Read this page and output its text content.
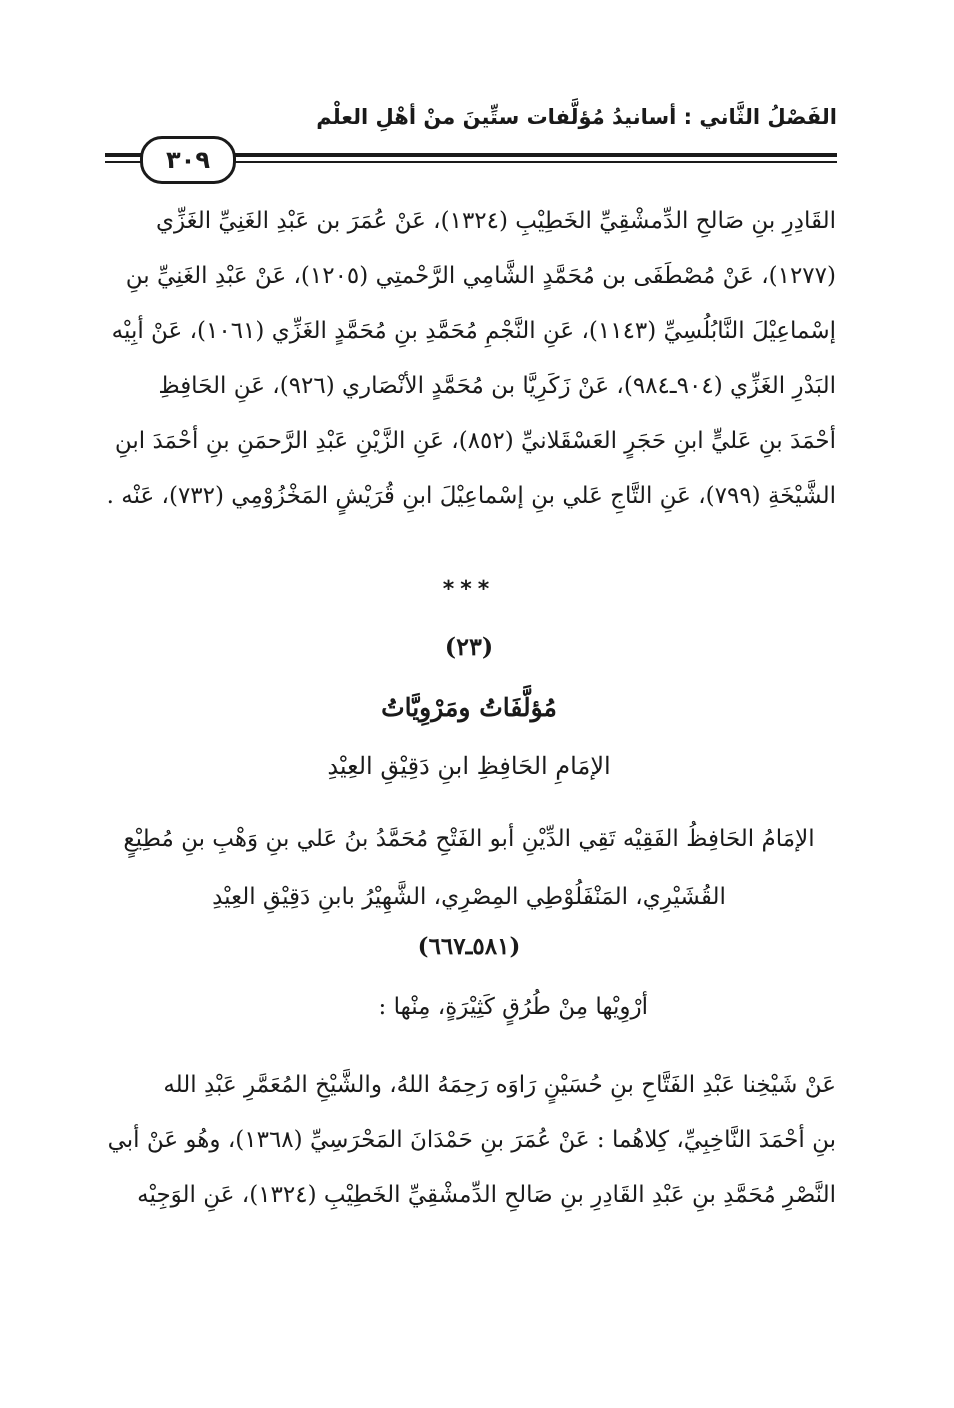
الفَصْلُ الثَّاني : أسانيدُ مُؤلَّفات ستِّينَ منْ أهْلِ العلْم
٣٠٩
القَادِرِ بنِ صَالحِ الدِّمشْقِيِّ الخَطِيْبِ (١٣٢٤)، عَنْ عُمَرَ بن عَبْدِ الغَنِيِّ الغَزِّي
(١٢٧٧)، عَنْ مُصْطَفَى بن مُحَمَّدٍ الشَّامِي الرَّحْمتِي (١٢٠٥)، عَنْ عَبْدِ الغَنِيِّ بنِ
إسْماعِيْلَ النَّابُلُسِيِّ (١١٤٣)، عَنِ النَّجْمِ مُحَمَّدِ بنِ مُحَمَّدٍ الغَزِّي (١٠٦١)، عَنْ أبِيْه
البَدْرِ الغَزِّي (٩٠٤ـ٩٨٤)، عَنْ زَكَرِيَّا بن مُحَمَّدٍ الأنْصَاري (٩٢٦)، عَنِ الحَافِظِ
أحْمَدَ بنِ عَليٍّ ابنِ حَجَرٍ العَسْقَلانيِّ (٨٥٢)، عَنِ الزَّيْنِ عَبْدِ الرَّحمَنِ بنِ أحْمَدَ ابنِ
الشَّيْخَةِ (٧٩٩)، عَنِ التَّاجِ عَلي بنِ إسْماعِيْلَ ابنِ قُرَيْشٍ المَخْزُوْمِي (٧٣٢)، عَنْه .
***
(٢٣)
مُؤلَّفَاتُ ومَرْوِيَّاتُ
الإمَامِ الحَافِظِ ابنِ دَقِيْقِ العِيْدِ
الإمَامُ الحَافِظُ الفَقِيْه تَقِي الدِّيْنِ أبو الفَتْحِ مُحَمَّدُ بنُ عَلي بنِ وَهْبِ بنِ مُطِيْعٍ
القُشَيْرِي، المَنْفَلُوْطِي المِصْرِي، الشَّهِيْرُ بابنِ دَقِيْقِ العِيْدِ
(٥٨١ـ٦٦٧)
أرْوِيْها مِنْ طُرُقٍ كَثِيْرَةٍ، مِنْها :
عَنْ شَيْخِنا عَبْدِ الفَتَّاحِ بنِ حُسَيْنٍ رَاوَه رَحِمَهُ اللهُ، والشَّيْخِ المُعَمَّرِ عَبْدِ الله
بنِ أحْمَدَ النَّاخِبِيِّ، كِلاهُما : عَنْ عُمَرَ بنِ حَمْدَانَ المَحْرَسِيِّ (١٣٦٨)، وهُو عَنْ أبي
النَّصْرِ مُحَمَّدِ بنِ عَبْدِ القَادِرِ بنِ صَالحِ الدِّمشْقِيِّ الخَطِيْبِ (١٣٢٤)، عَنِ الوَجِيْه
